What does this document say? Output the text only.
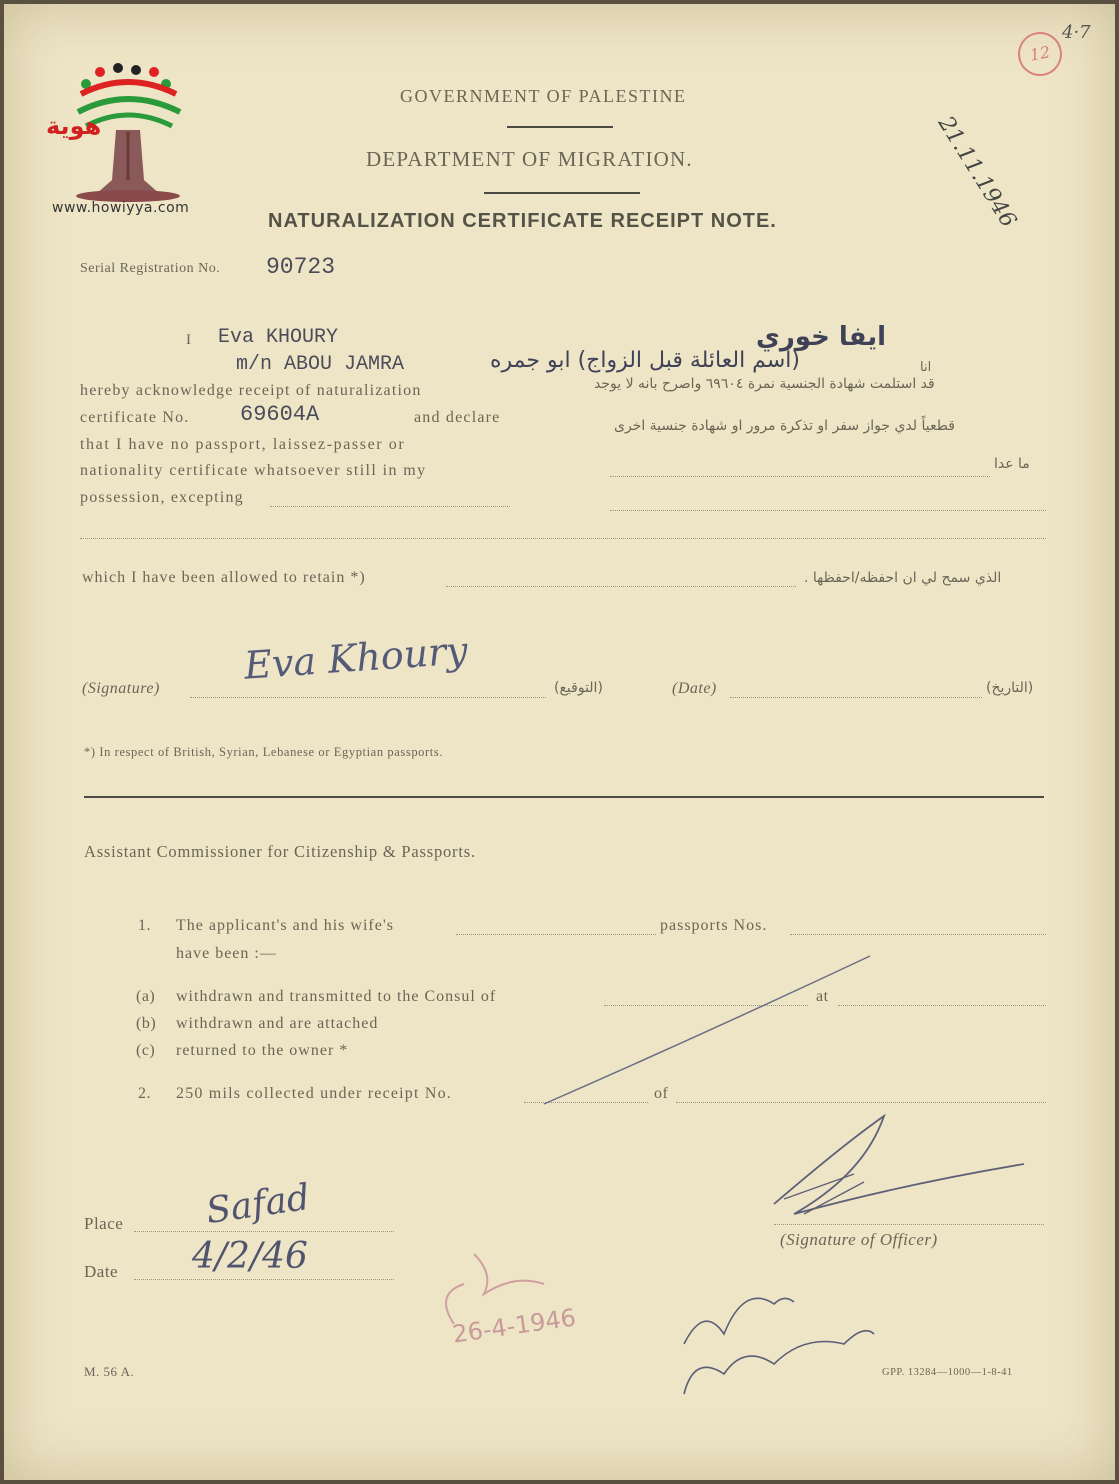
هوية
www.howiyya.com
GOVERNMENT OF PALESTINE
DEPARTMENT OF MIGRATION.
NATURALIZATION CERTIFICATE RECEIPT NOTE.
12
4·7
21.11.1946
Serial Registration No. 90723
I Eva KHOURY
m/n ABOU JAMRA
hereby acknowledge receipt of naturalization
certificate No. 69604A	and declare
that I have no passport, laissez-passer or
nationality certificate whatsoever still in my
possession, excepting
which I have been allowed to retain *)
انا
ايفا خوري
(اسم العائلة قبل الزواج) ابو جمره
قد استلمت شهادة الجنسية نمرة ٦٩٦٠٤ واصرح بانه لا يوجد
قطعياً لدي جواز سفر او تذكرة مرور او شهادة جنسية اخرى
ما عدا
الذي سمح لي ان احفظه/احفظها .
(Signature)
Eva Khoury
(التوقيع)	(Date)	(التاريخ)
*) In respect of British, Syrian, Lebanese or Egyptian passports.
Assistant Commissioner for Citizenship & Passports.
1. The applicant's and his wife's	passports Nos.
have been :—
(a) withdrawn and transmitted to the Consul of	at
(b) withdrawn and are attached
(c) returned to the owner *
2. 250 mils collected under receipt No.	of
Place Safad
Date 4/2/46	(Signature of Officer)
26-4-1946
M. 56 A.	GPP. 13284—1000—1-8-41
